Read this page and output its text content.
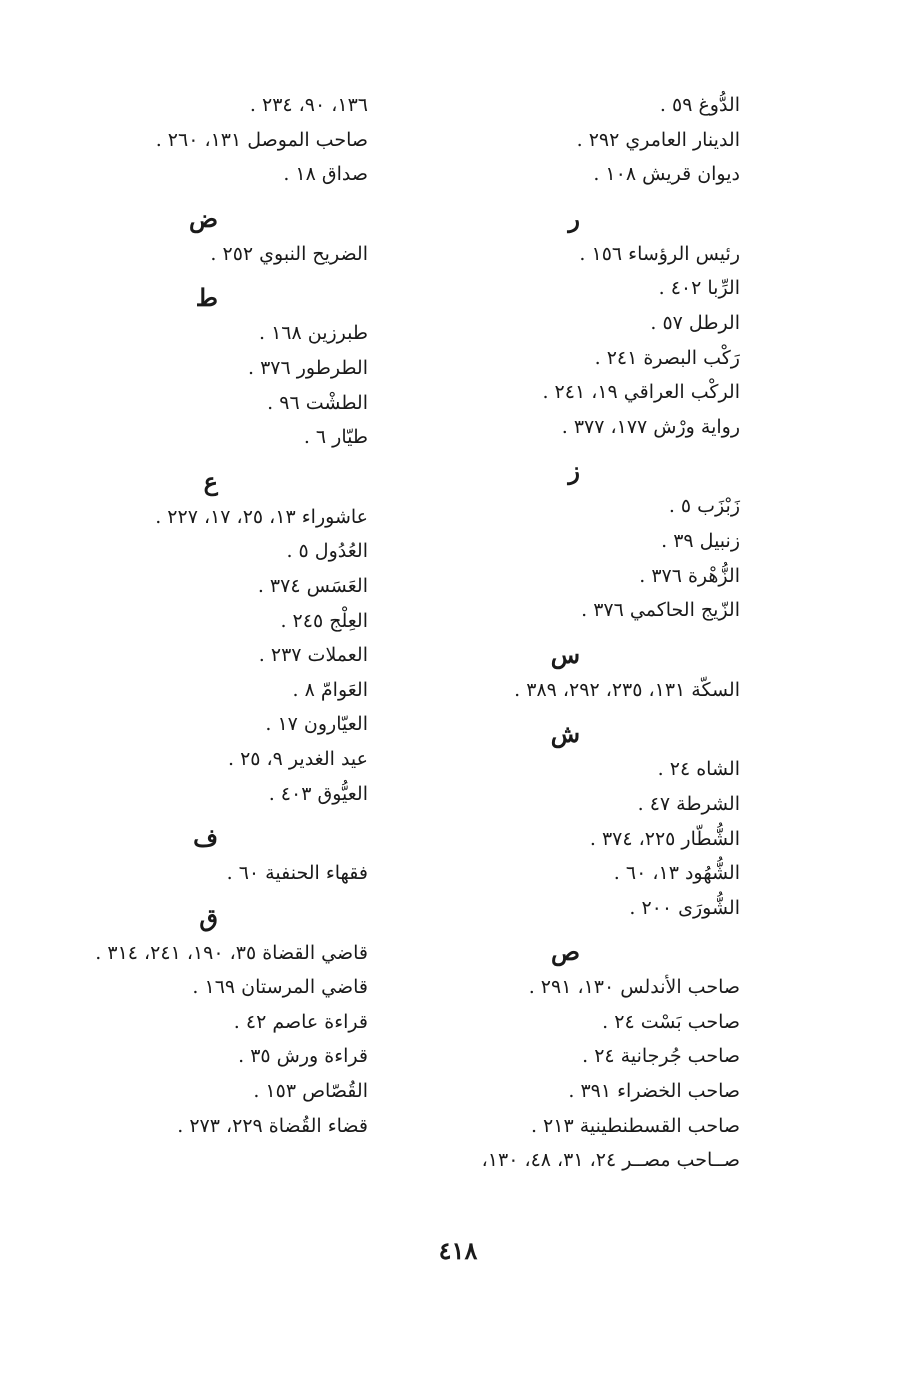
الدُّوغ ٥٩ .
الدينار العامري ٢٩٢ .
ديوان قريش ١٠٨ .
ر
رئيس الرؤساء ١٥٦ .
الرِّبا ٤٠٢ .
الرطل ٥٧ .
رَكْب البصرة ٢٤١ .
الركْب العراقي ١٩، ٢٤١ .
رواية ورْش ١٧٧، ٣٧٧ .
ز
زَبْزَب ٥ .
زنبيل ٣٩ .
الزُّهْرة ٣٧٦ .
الزّيج الحاكمي ٣٧٦ .
س
السكّة ١٣١، ٢٣٥، ٢٩٢، ٣٨٩ .
ش
الشاه ٢٤ .
الشرطة ٤٧ .
الشُّطّار ٢٢٥، ٣٧٤ .
الشُّهُود ١٣، ٦٠ .
الشُّورَى ٢٠٠ .
ص
صاحب الأندلس ١٣٠، ٢٩١ .
صاحب بَسْت ٢٤ .
صاحب جُرجانية ٢٤ .
صاحب الخضراء ٣٩١ .
صاحب القسطنطينية ٢١٣ .
صــاحب مصــر ٢٤، ٣١، ٤٨، ١٣٠،
١٣٦، ٩٠، ٢٣٤ .
صاحب الموصل ١٣١، ٢٦٠ .
صداق ١٨ .
ض
الضريح النبوي ٢٥٢ .
ط
طبرزين ١٦٨ .
الطرطور ٣٧٦ .
الطشْت ٩٦ .
طيّار ٦ .
ع
عاشوراء ١٣، ٢٥، ١٧، ٢٢٧ .
العُدُول ٥ .
العَسَس ٣٧٤ .
العِلْج ٢٤٥ .
العملات ٢٣٧ .
العَوامّ ٨ .
العيّارون ١٧ .
عيد الغدير ٩، ٢٥ .
العيُّوق ٤٠٣ .
ف
فقهاء الحنفية ٦٠ .
ق
قاضي القضاة ٣٥، ١٩٠، ٢٤١، ٣١٤ .
قاضي المرستان ١٦٩ .
قراءة عاصم ٤٢ .
قراءة ورش ٣٥ .
القُصّاص ١٥٣ .
قضاء القُضاة ٢٢٩، ٢٧٣ .
٤١٨
